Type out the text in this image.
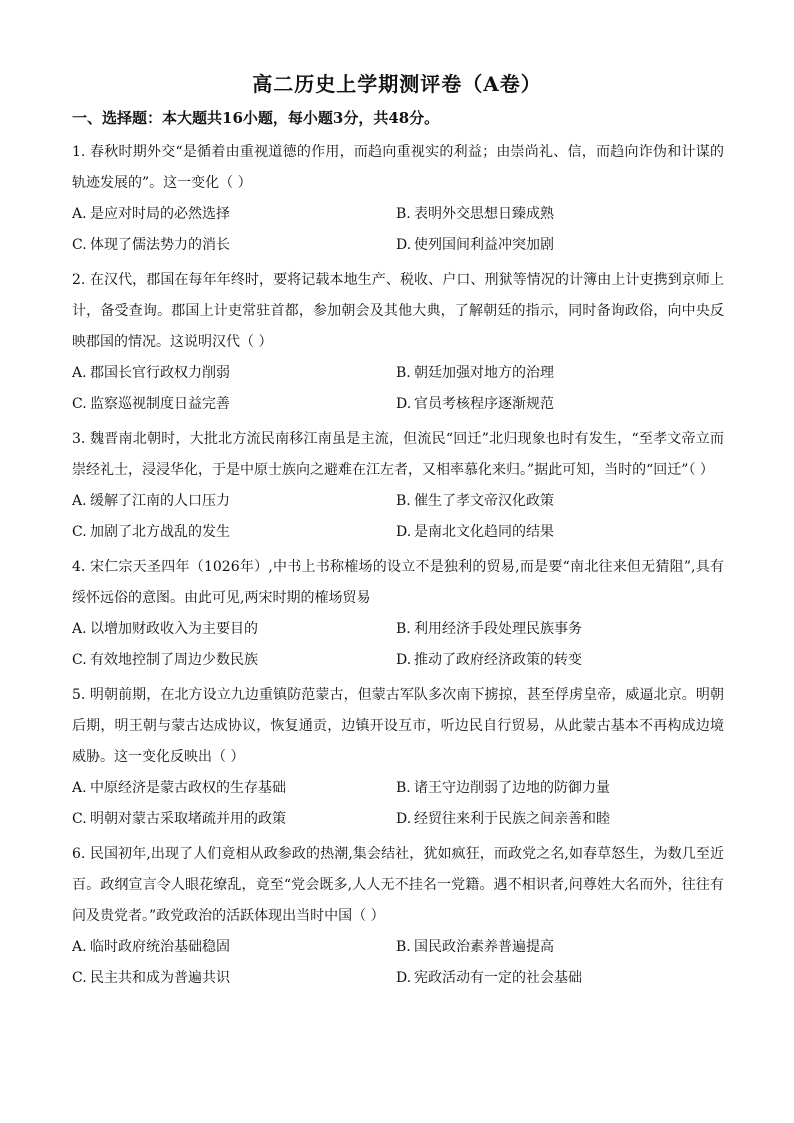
高二历史上学期测评卷（A卷）
一、选择题：本大题共16小题，每小题3分，共48分。
1. 春秋时期外交“是循着由重视道德的作用，而趋向重视实的利益；由崇尚礼、信，而趋向诈伪和计谋的轨迹发展的”。这一变化（ ）
A. 是应对时局的必然选择	B. 表明外交思想日臻成熟
C. 体现了儒法势力的消长	D. 使列国间利益冲突加剧
2. 在汉代，郡国在每年年终时，要将记载本地生产、税收、户口、刑狱等情况的计簿由上计吏携到京师上计，备受查询。郡国上计吏常驻首都，参加朝会及其他大典，了解朝廷的指示，同时备询政俗，向中央反映郡国的情况。这说明汉代（ ）
A. 郡国长官行政权力削弱	B. 朝廷加强对地方的治理
C. 监察巡视制度日益完善	D. 官员考核程序逐渐规范
3. 魏晋南北朝时，大批北方流民南移江南虽是主流，但流民“回迁”北归现象也时有发生，“至孝文帝立而崇经礼士，浸浸华化，于是中原士族向之避难在江左者，又相率慕化来归。”据此可知，当时的“回迁”（ ）
A. 缓解了江南的人口压力	B. 催生了孝文帝汉化政策
C. 加剧了北方战乱的发生	D. 是南北文化趋同的结果
4. 宋仁宗天圣四年（1026年）,中书上书称榷场的设立不是独利的贸易,而是要“南北往来但无猜阻”,具有绥怀远俗的意图。由此可见,两宋时期的榷场贸易
A. 以增加财政收入为主要目的	B. 利用经济手段处理民族事务
C. 有效地控制了周边少数民族	D. 推动了政府经济政策的转变
5. 明朝前期，在北方设立九边重镇防范蒙古，但蒙古军队多次南下掳掠，甚至俘虏皇帝，威逼北京。明朝后期，明王朝与蒙古达成协议，恢复通贡，边镇开设互市，听边民自行贸易，从此蒙古基本不再构成边境威胁。这一变化反映出（ ）
A. 中原经济是蒙古政权的生存基础	B. 诸王守边削弱了边地的防御力量
C. 明朝对蒙古采取堵疏并用的政策	D. 经贸往来利于民族之间亲善和睦
6. 民国初年,出现了人们竟相从政参政的热潮,集会结社，犹如疯狂，而政党之名,如春草怒生，为数几至近百。政纲宣言令人眼花缭乱，竟至“党会既多,人人无不挂名一党籍。遇不相识者,问尊姓大名而外，往往有问及贵党者。”政党政治的活跃体现出当时中国（ ）
A. 临时政府统治基础稳固	B. 国民政治素养普遍提高
C. 民主共和成为普遍共识	D. 宪政活动有一定的社会基础
